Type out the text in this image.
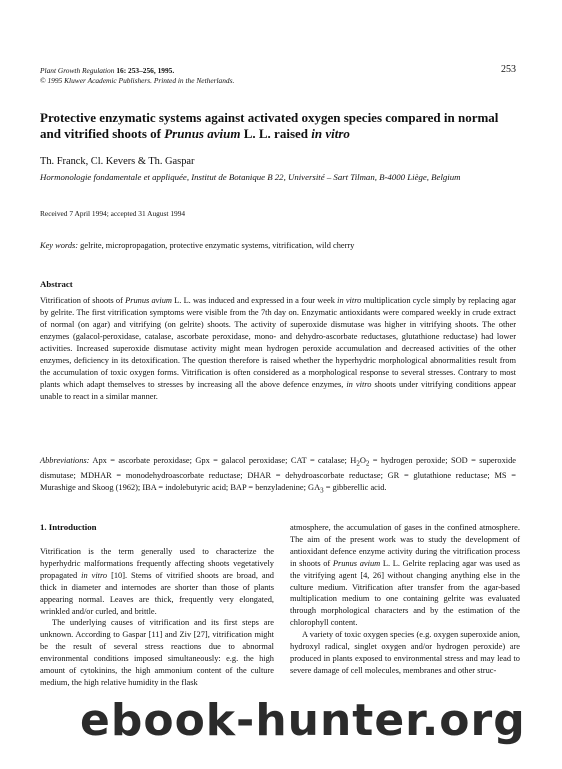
Plant Growth Regulation 16: 253–256, 1995.
© 1995 Kluwer Academic Publishers. Printed in the Netherlands.
253
Protective enzymatic systems against activated oxygen species compared in normal and vitrified shoots of Prunus avium L. L. raised in vitro
Th. Franck, Cl. Kevers & Th. Gaspar
Hormonologie fondamentale et appliquée, Institut de Botanique B 22, Université – Sart Tilman, B-4000 Liège, Belgium
Received 7 April 1994; accepted 31 August 1994
Key words: gelrite, micropropagation, protective enzymatic systems, vitrification, wild cherry
Abstract
Vitrification of shoots of Prunus avium L. L. was induced and expressed in a four week in vitro multiplication cycle simply by replacing agar by gelrite. The first vitrification symptoms were visible from the 7th day on. Enzymatic antioxidants were compared weekly in crude extract of normal (on agar) and vitrifying (on gelrite) shoots. The activity of superoxide dismutase was higher in vitrifying shoots. The other enzymes (galacol-peroxidase, catalase, ascorbate peroxidase, mono- and dehydro-ascorbate reductases, glutathione reductase) had lower activities. Increased superoxide dismutase activity might mean hydrogen peroxide accumulation and decreased activities of the other enzymes, deficiency in its detoxification. The question therefore is raised whether the hyperhydric morphological abnormalities result from the accumulation of toxic oxygen forms. Vitrification is often considered as a morphological response to several stresses. Contrary to most plants which adapt themselves to stresses by increasing all the above defence enzymes, in vitro shoots under vitrifying conditions appear unable to react in a similar manner.
Abbreviations: Apx = ascorbate peroxidase; Gpx = galacol peroxidase; CAT = catalase; $H_2O_2$ = hydrogen peroxide; SOD = superoxide dismutase; MDHAR = monodehydroascorbate reductase; DHAR = dehydroascorbate reductase; GR = glutathione reductase; MS = Murashige and Skoog (1962); IBA = indolebutyric acid; BAP = benzyladenine; $GA_3$ = gibberellic acid.
1. Introduction

Vitrification is the term generally used to characterize the hyperhydric malformations frequently affecting shoots vegetatively propagated in vitro [10]. Stems of vitrified shoots are broad, and thick in diameter and internodes are shorter than those of plants appearing normal. Leaves are thick, frequently very elongated, wrinkled and/or curled, and brittle.

The underlying causes of vitrification and its first steps are unknown. According to Gaspar [11] and Ziv [27], vitrification might be the result of several stress reactions due to abnormal environmental conditions imposed simultaneously: e.g. the high amount of cytokinins, the high ammonium content of the culture medium, the high relative humidity in the flask

atmosphere, the accumulation of gases in the confined atmosphere. The aim of the present work was to study the development of antioxidant defence enzyme activity during the vitrification process in shoots of Prunus avium L. L. Gelrite replacing agar was used as the vitrifying agent [4, 26] without changing anything else in the culture medium. Vitrification after transfer from the agar-based multiplication medium to one containing gelrite was evaluated through morphological characters and by the estimation of the chlorophyll content.

A variety of toxic oxygen species (e.g. oxygen superoxide anion, hydroxyl radical, singlet oxygen and/or hydrogen peroxide) are produced in plants exposed to environmental stress and may lead to severe damage of cell molecules, membranes and other struc-

ebook-hunter.org
